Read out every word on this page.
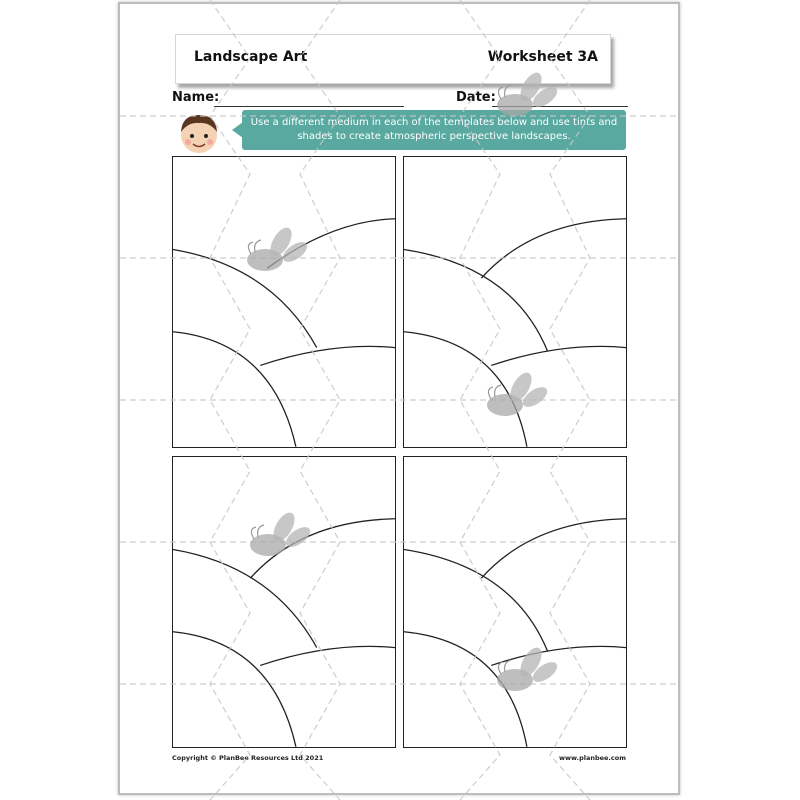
Landscape Art	Worksheet 3A
Name:	Date:
Use a different medium in each of the templates below and use tints and shades to create atmospheric perspective landscapes.
Copyright © PlanBee Resources Ltd 2021	www.planbee.com
